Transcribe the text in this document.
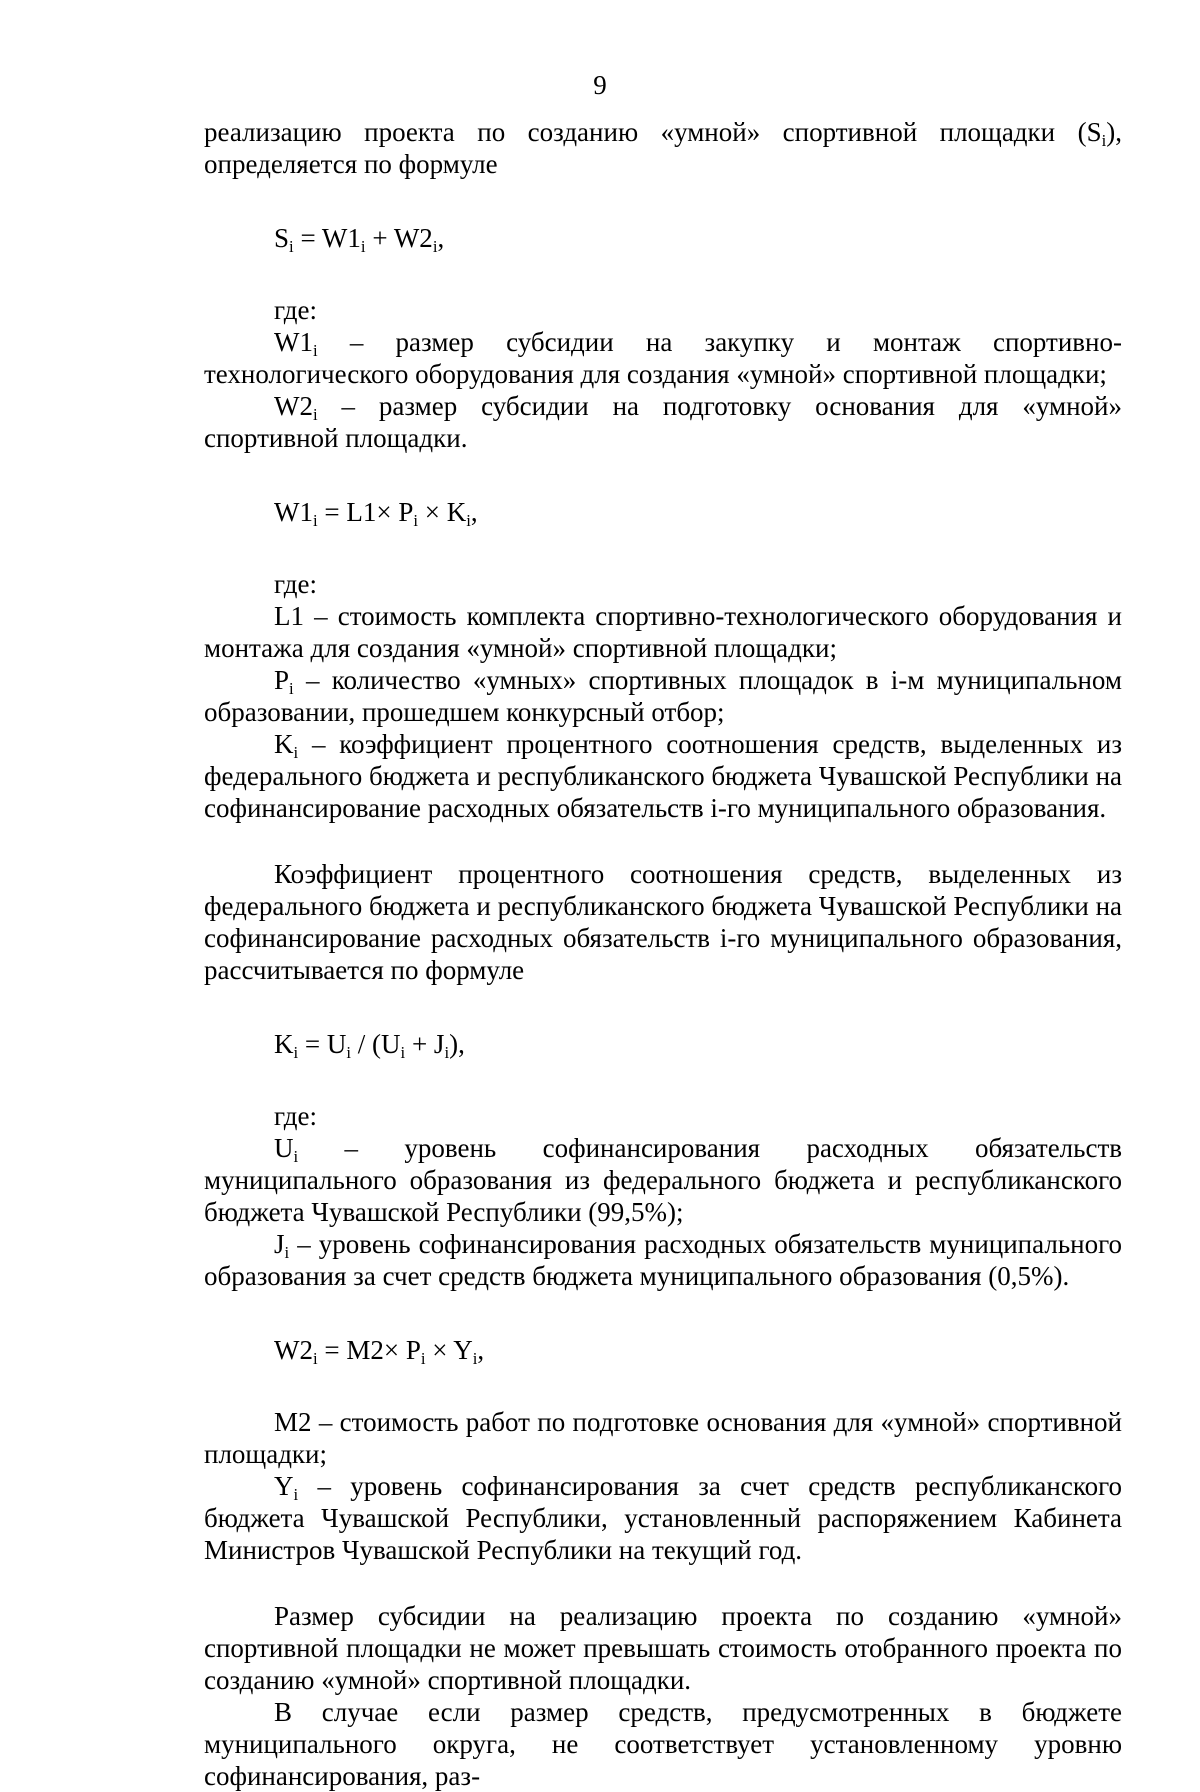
9

реализацию проекта по созданию «умной» спортивной площадки $(S_i)$, определяется по формуле

$S_i = W1_i + W2_i$,

где:

$W1_i$ – размер субсидии на закупку и монтаж спортивно-технологического оборудования для создания «умной» спортивной площадки;

$W2_i$ – размер субсидии на подготовку основания для «умной» спортивной площадки.

$W1_i = L1\times P_i \times K_i$,

где:

L1 – стоимость комплекта спортивно-технологического оборудования и монтажа для создания «умной» спортивной площадки;

$P_i$ – количество «умных» спортивных площадок в i-м муниципальном образовании, прошедшем конкурсный отбор;

$K_i$ – коэффициент процентного соотношения средств, выделенных из федерального бюджета и республиканского бюджета Чувашской Республики на софинансирование расходных обязательств i-го муниципального образования.

Коэффициент процентного соотношения средств, выделенных из федерального бюджета и республиканского бюджета Чувашской Республики на софинансирование расходных обязательств i-го муниципального образования, рассчитывается по формуле

$K_i = U_i / (U_i + J_i)$,

где:

$U_i$ – уровень софинансирования расходных обязательств муниципального образования из федерального бюджета и республиканского бюджета Чувашской Республики (99,5%);

$J_i$ – уровень софинансирования расходных обязательств муниципального образования за счет средств бюджета муниципального образования (0,5%).

$W2_i = M2\times P_i \times Y_i$,

M2 – стоимость работ по подготовке основания для «умной» спортивной площадки;

$Y_i$ – уровень софинансирования за счет средств республиканского бюджета Чувашской Республики, установленный распоряжением Кабинета Министров Чувашской Республики на текущий год.

Размер субсидии на реализацию проекта по созданию «умной» спортивной площадки не может превышать стоимость отобранного проекта по созданию «умной» спортивной площадки.

В случае если размер средств, предусмотренных в бюджете муниципального округа, не соответствует установленному уровню софинансирования, раз-
